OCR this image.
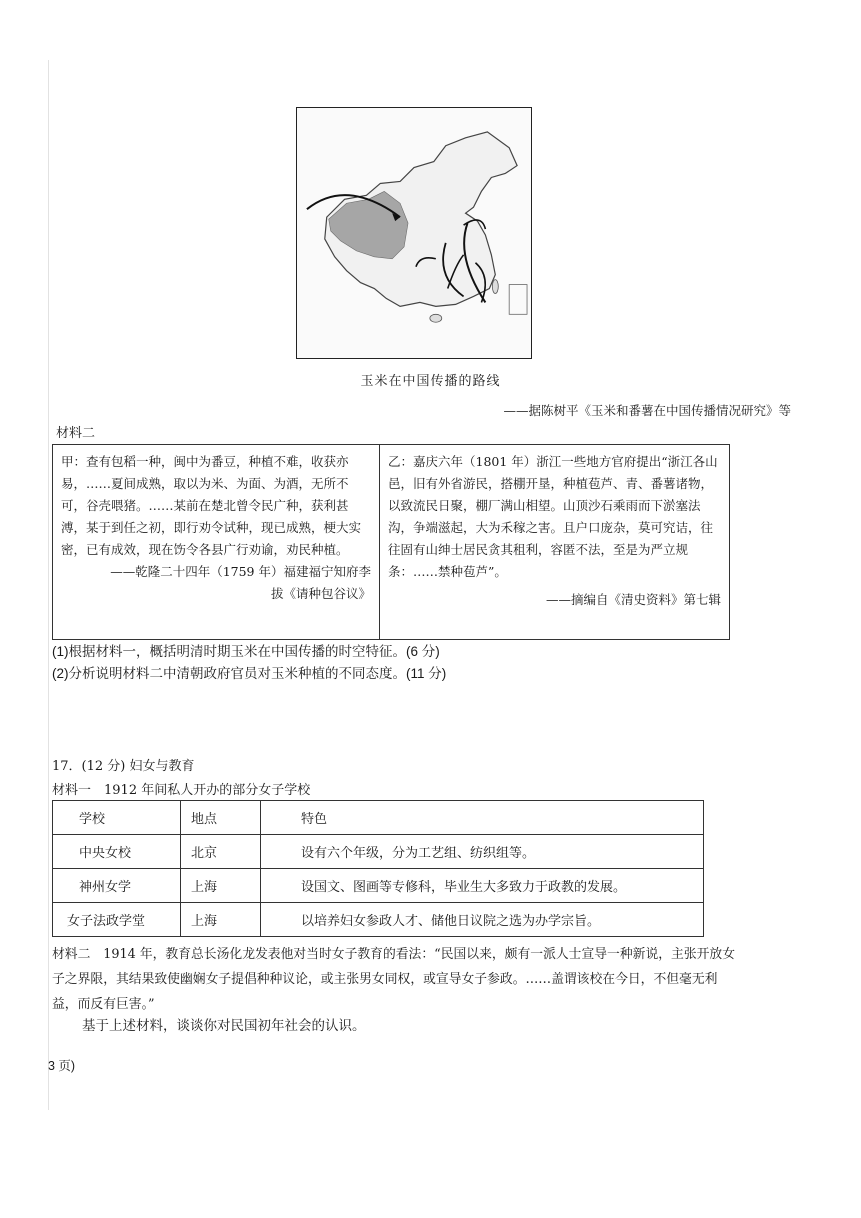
玉米在中国传播的路线
——据陈树平《玉米和番薯在中国传播情况研究》等
材料二
甲：查有包稻一种，闽中为番豆，种植不难，收获亦易，……夏间成熟，取以为米、为面、为酒，无所不可，谷壳喂猪。……某前在楚北曾令民广种，获利甚溥，某于到任之初，即行劝令试种，现已成熟，梗大实密，已有成效，现在饬令各县广行劝谕，劝民种植。
——乾隆二十四年（1759 年）福建福宁知府李
拔《请种包谷议》
乙：嘉庆六年（1801 年）浙江一些地方官府提出“浙江各山邑，旧有外省游民，搭棚开垦，种植苞芦、青、番薯诸物，以致流民日聚，棚厂满山相望。山顶沙石乘雨而下淤塞法沟，争端滋起，大为禾稼之害。且户口庞杂，莫可究诘，往往固有山绅士居民贪其租利，容匿不法，至是为严立规条：……禁种苞芦”。
——摘编自《清史资料》第七辑
(1)根据材料一，概括明清时期玉米在中国传播的时空特征。(6 分)
(2)分析说明材料二中清朝政府官员对玉米种植的不同态度。(11 分)
17．(12 分) 妇女与教育
材料一　1912 年间私人开办的部分女子学校
学校	地点	特色
中央女校	北京	设有六个年级，分为工艺组、纺织组等。
神州女学	上海	设国文、图画等专修科，毕业生大多致力于政教的发展。
女子法政学堂	上海	以培养妇女参政人才、储他日议院之选为办学宗旨。
材料二　1914 年，教育总长汤化龙发表他对当时女子教育的看法：“民国以来，颇有一派人士宣导一种新说，主张开放女子之界限，其结果致使幽娴女子提倡种种议论，或主张男女同权，或宣导女子参政。……盖谓该校在今日，不但毫无利益，而反有巨害。”
基于上述材料，谈谈你对民国初年社会的认识。
3 页)
